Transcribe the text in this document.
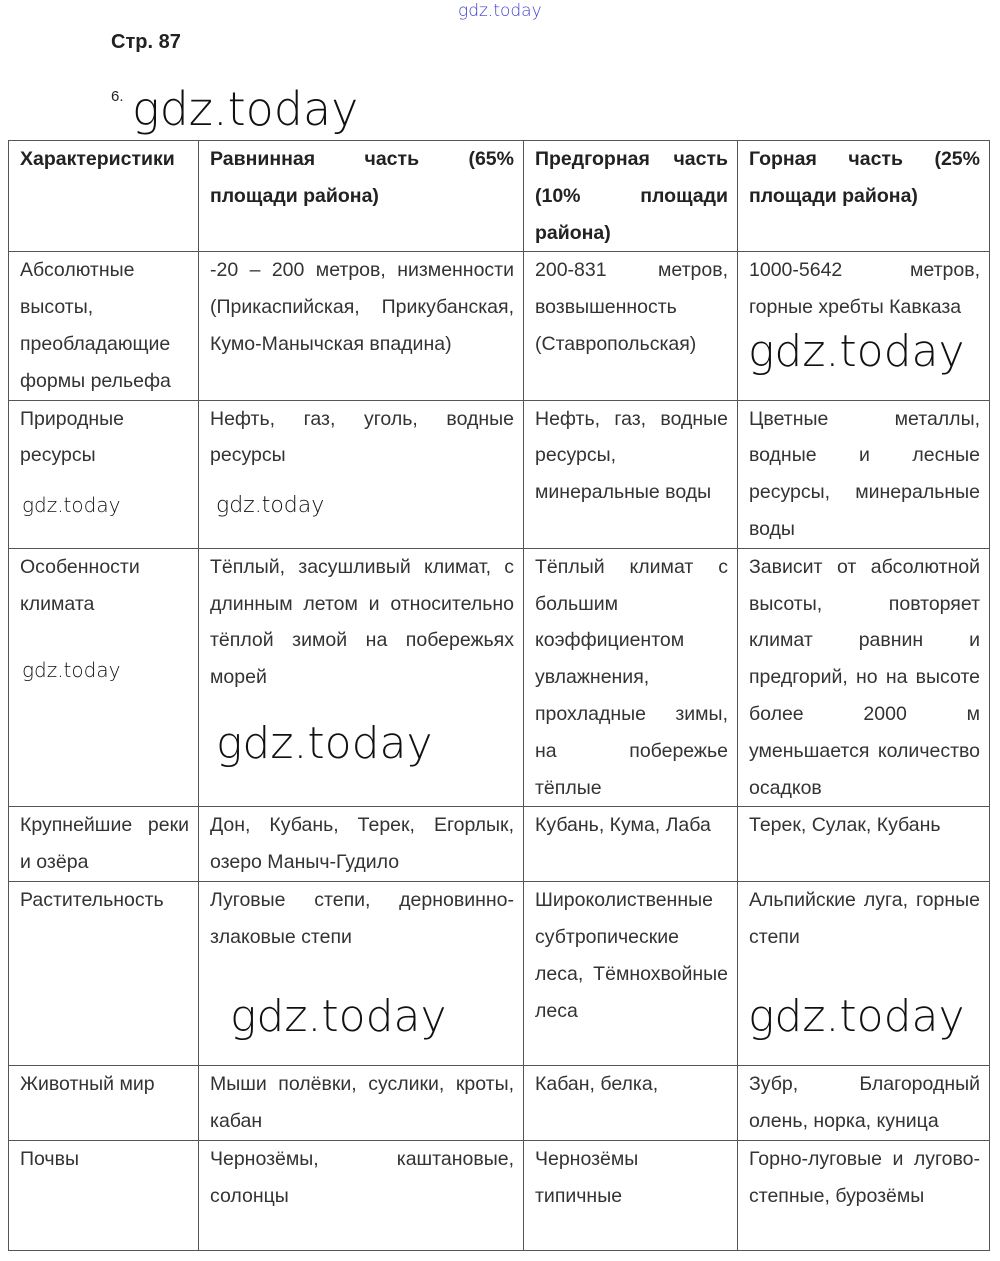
gdz.today
Стр. 87
6.
Характеристики	Равнинная часть (65% площади района)	Предгорная часть (10% площади района)	Горная часть (25% площади района)
Абсолютные высоты, преобладающие формы рельефа	-20 – 200 метров, низменности (Прикаспийская, Прикубанская, Кумо-Манычская впадина)	200-831 метров, возвышенность (Ставропольская)	1000-5642 метров, горные хребты Кавказа
Природные ресурсы	Нефть, газ, уголь, водные ресурсы	Нефть, газ, водные ресурсы, минеральные воды	Цветные металлы, водные и лесные ресурсы, минеральные воды
Особенности климата	Тёплый, засушливый климат, с длинным летом и относительно тёплой зимой на побережьях морей	Тёплый климат с большим коэффициентом увлажнения, прохладные зимы, на побережье тёплые	Зависит от абсолютной высоты, повторяет климат равнин и предгорий, но на высоте более 2000 м уменьшается количество осадков
Крупнейшие реки и озёра	Дон, Кубань, Терек, Егорлык, озеро Маныч-Гудило	Кубань, Кума, Лаба	Терек, Сулак, Кубань
Растительность	Луговые степи, дерновинно-злаковые степи	Широколиственные субтропические леса, Тёмнохвойные леса	Альпийские луга, горные степи
Животный мир	Мыши полёвки, суслики, кроты, кабан	Кабан, белка,	Зубр, Благородный олень, норка, куница
Почвы	Чернозёмы, каштановые, солонцы	Чернозёмы типичные	Горно-луговые и лугово-степные, бурозёмы
gdz.today
gdz.today
gdz.today	gdz.today
gdz.today
gdz.today
gdz.today	gdz.today
